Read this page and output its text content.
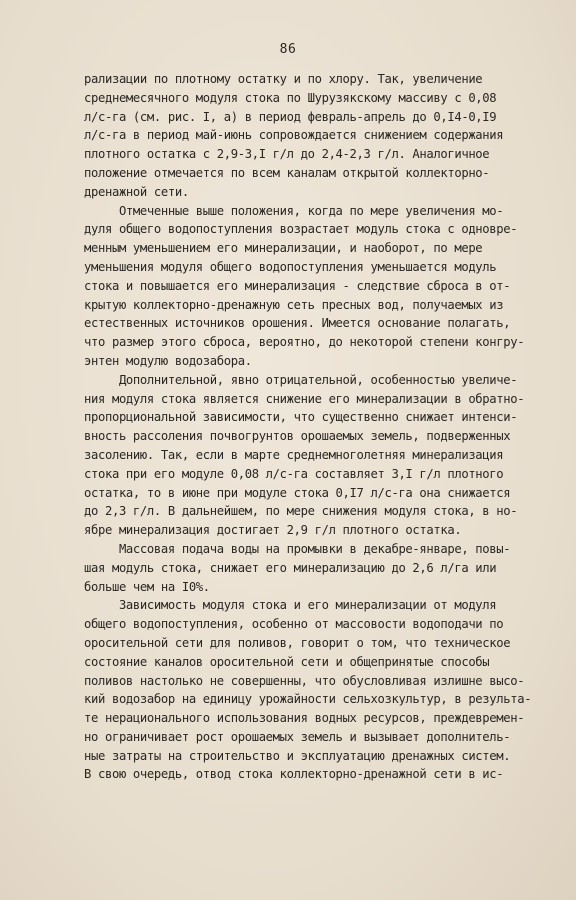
86
рализации по плотному остатку и по хлору. Так, увеличение
среднемесячного модуля стока по Шурузякскому массиву с 0,08
л/с-га (см. рис. I, а) в период февраль-апрель до 0,I4-0,I9
л/с-га в период май-июнь сопровождается снижением содержания
плотного остатка с 2,9-3,I г/л до 2,4-2,3 г/л. Аналогичное
положение отмечается по всем каналам открытой коллекторно-
дренажной сети.
Отмеченные выше положения, когда по мере увеличения мо-
дуля общего водопоступления возрастает модуль стока с одновре-
менным уменьшением его минерализации, и наоборот, по мере
уменьшения модуля общего водопоступления уменьшается модуль
стока и повышается его минерализация - следствие сброса в от-
крытую коллекторно-дренажную сеть пресных вод, получаемых из
естественных источников орошения. Имеется основание полагать,
что размер этого сброса, вероятно, до некоторой степени конгру-
энтен модулю водозабора.
Дополнительной, явно отрицательной, особенностью увеличе-
ния модуля стока является снижение его минерализации в обратно-
пропорциональной зависимости, что существенно снижает интенси-
вность рассоления почвогрунтов орошаемых земель, подверженных
засолению. Так, если в марте среднемноголетняя минерализация
стока при его модуле 0,08 л/с-га составляет 3,I г/л плотного
остатка, то в июне при модуле стока 0,I7 л/с-га она снижается
до 2,3 г/л. В дальнейшем, по мере снижения модуля стока, в но-
ябре минерализация достигает 2,9 г/л плотного остатка.
Массовая подача воды на промывки в декабре-январе, повы-
шая модуль стока, снижает его минерализацию до 2,6 л/га или
больше чем на I0%.
Зависимость модуля стока и его минерализации от модуля
общего водопоступления, особенно от массовости водоподачи по
оросительной сети для поливов, говорит о том, что техническое
состояние каналов оросительной сети и общепринятые способы
поливов настолько не совершенны, что обусловливая излишне высо-
кий водозабор на единицу урожайности сельхозкультур, в результа-
те нерационального использования водных ресурсов, преждевремен-
но ограничивает рост орошаемых земель и вызывает дополнитель-
ные затраты на строительство и эксплуатацию дренажных систем.
В свою очередь, отвод стока коллекторно-дренажной сети в ис-
